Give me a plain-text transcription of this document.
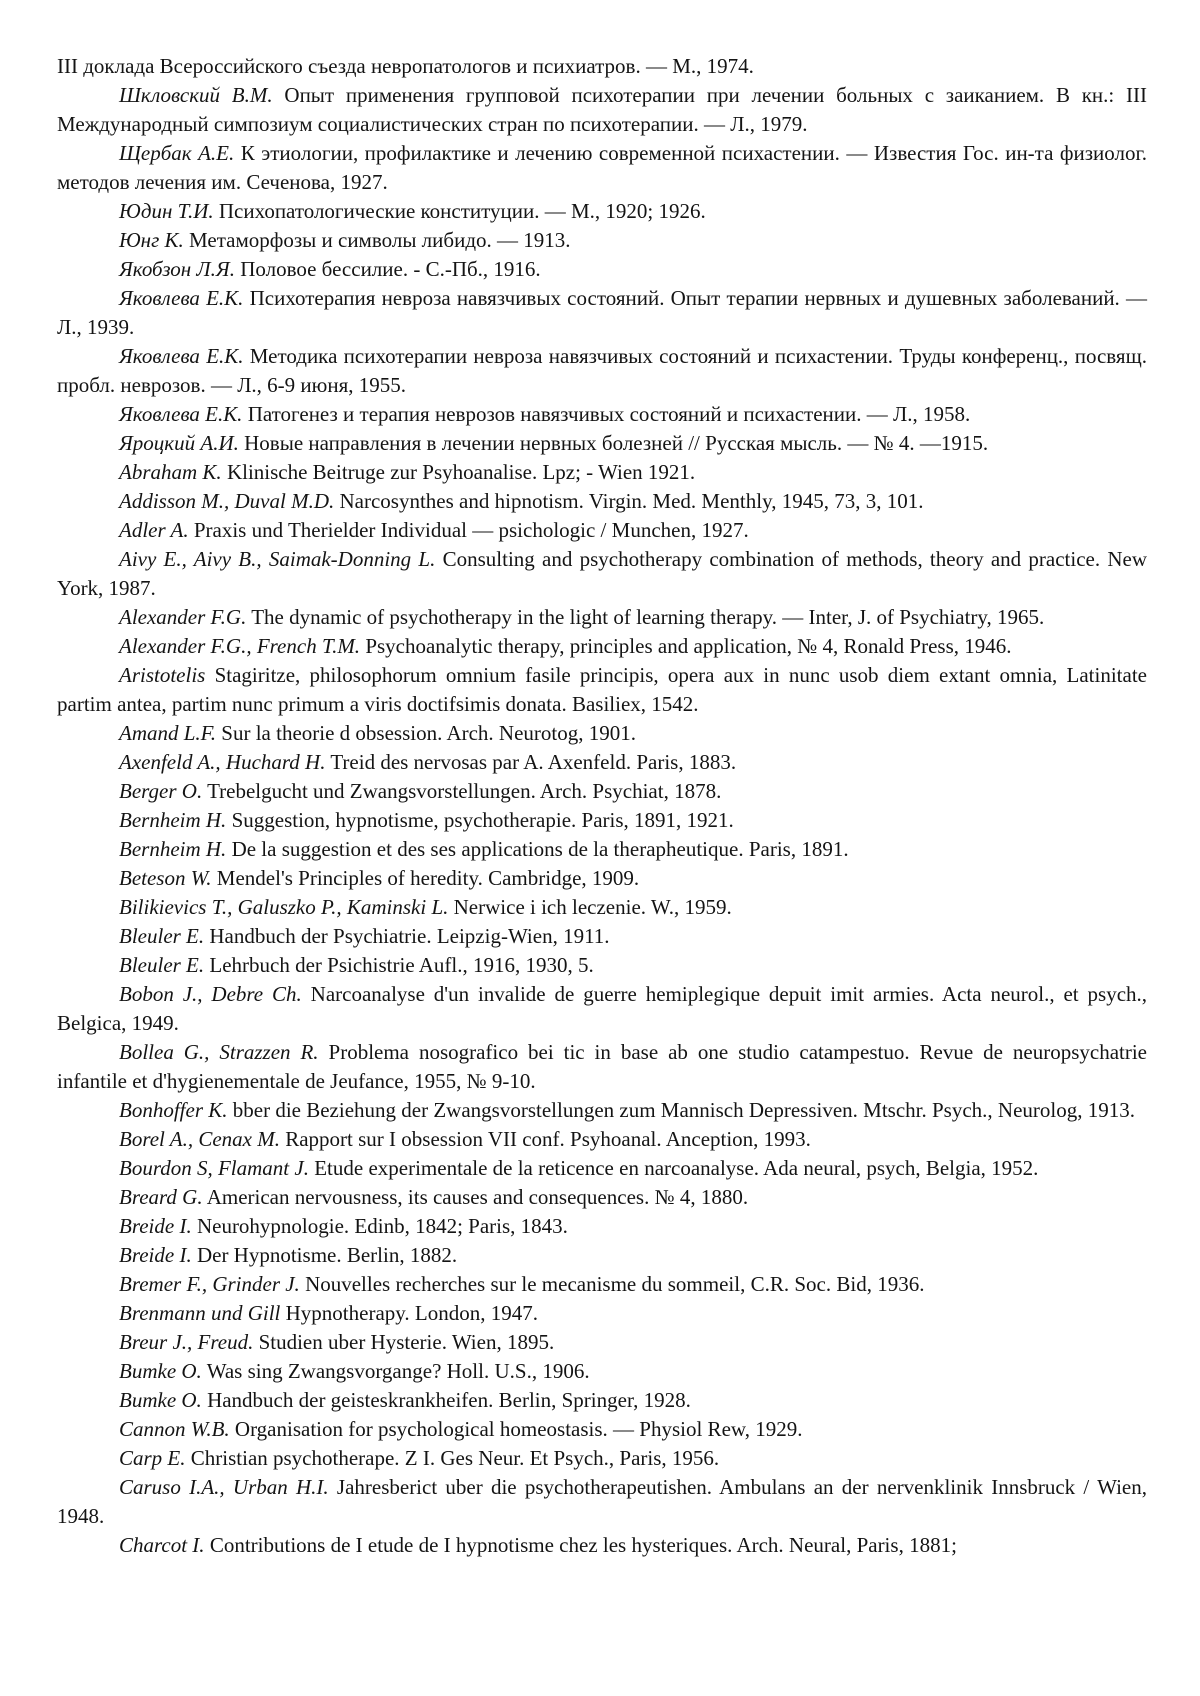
III доклада Всероссийского съезда невропатологов и психиатров. — М., 1974.

Шкловский В.М. Опыт применения групповой психотерапии при лечении больных с заиканием. В кн.: III Международный симпозиум социалистических стран по психотерапии. — Л., 1979.

Щербак А.Е. К этиологии, профилактике и лечению современной психастении. — Известия Гос. ин-та физиолог. методов лечения им. Сеченова, 1927.

Юдин Т.И. Психопатологические конституции. — М., 1920; 1926.

Юнг К. Метаморфозы и символы либидо. — 1913.

Якобзон Л.Я. Половое бессилие. - С.-Пб., 1916.

Яковлева Е.К. Психотерапия невроза навязчивых состояний. Опыт терапии нервных и душевных заболеваний. — Л., 1939.

Яковлева Е.К. Методика психотерапии невроза навязчивых состояний и психастении. Труды конференц., посвящ. пробл. неврозов. — Л., 6-9 июня, 1955.

Яковлева Е.К. Патогенез и терапия неврозов навязчивых состояний и психастении. — Л., 1958.

Яроцкий А.И. Новые направления в лечении нервных болезней // Русская мысль. — № 4. —1915.

Abraham K. Klinische Beitruge zur Psyhoanalise. Lpz; - Wien 1921.

Addisson M., Duval M.D. Narcosynthes and hipnotism. Virgin. Med. Menthly, 1945, 73, 3, 101.

Adler A. Praxis und Therielder Individual — psichologic / Munchen, 1927.

Aivy E., Aivy B., Saimak-Donning L. Consulting and psychotherapy combination of methods, theory and practice. New York, 1987.

Alexander F.G. The dynamic of psychotherapy in the light of learning therapy. — Inter, J. of Psychiatry, 1965.

Alexander F.G., French T.M. Psychoanalytic therapy, principles and application, № 4, Ronald Press, 1946.

Aristotelis Stagiritze, philosophorum omnium fasile principis, opera aux in nunc usob diem extant omnia, Latinitate partim antea, partim nunc primum a viris doctifsimis donata. Basiliex, 1542.

Amand L.F. Sur la theorie d obsession. Arch. Neurotog, 1901.

Axenfeld A., Huchard H. Treid des nervosas par A. Axenfeld. Paris, 1883.

Berger O. Trebelgucht und Zwangsvorstellungen. Arch. Psychiat, 1878.

Bernheim H. Suggestion, hypnotisme, psychotherapie. Paris, 1891, 1921.

Bernheim H. De la suggestion et des ses applications de la therapheutique. Paris, 1891.

Beteson W. Mendel's Principles of heredity. Cambridge, 1909.

Bilikievics T., Galuszko P., Kaminski L. Nerwice i ich leczenie. W., 1959.

Bleuler E. Handbuch der Psychiatrie. Leipzig-Wien, 1911.

Bleuler E. Lehrbuch der Psichistrie Aufl., 1916, 1930, 5.

Bobon J., Debre Ch. Narcoanalyse d'un invalide de guerre hemiplegique depuit imit armies. Acta neurol., et psych., Belgica, 1949.

Bollea G., Strazzen R. Problema nosografico bei tic in base ab one studio catampestuo. Revue de neuropsychatrie infantile et d'hygienementale de Jeufance, 1955, № 9-10.

Bonhoffer K. bber die Beziehung der Zwangsvorstellungen zum Mannisch Depressiven. Mtschr. Psych., Neurolog, 1913.

Borel A., Cenax M. Rapport sur I obsession VII conf. Psyhoanal. Anception, 1993.

Bourdon S, Flamant J. Etude experimentale de la reticence en narcoanalyse. Ada neural, psych, Belgia, 1952.

Breard G. American nervousness, its causes and consequences. № 4, 1880.

Breide I. Neurohypnologie. Edinb, 1842; Paris, 1843.

Breide I. Der Hypnotisme. Berlin, 1882.

Bremer F., Grinder J. Nouvelles recherches sur le mecanisme du sommeil, C.R. Soc. Bid, 1936.

Brenmann und Gill Hypnotherapy. London, 1947.

Breur J., Freud. Studien uber Hysterie. Wien, 1895.

Bumke O. Was sing Zwangsvorgange? Holl. U.S., 1906.

Bumke O. Handbuch der geisteskrankheifen. Berlin, Springer, 1928.

Cannon W.B. Organisation for psychological homeostasis. — Physiol Rew, 1929.

Carp E. Christian psychotherape. Z I. Ges Neur. Et Psych., Paris, 1956.

Caruso I.A., Urban H.I. Jahresberict uber die psychotherapeutishen. Ambulans an der nervenklinik Innsbruck / Wien, 1948.

Charcot I. Contributions de I etude de I hypnotisme chez les hysteriques. Arch. Neural, Paris, 1881;
